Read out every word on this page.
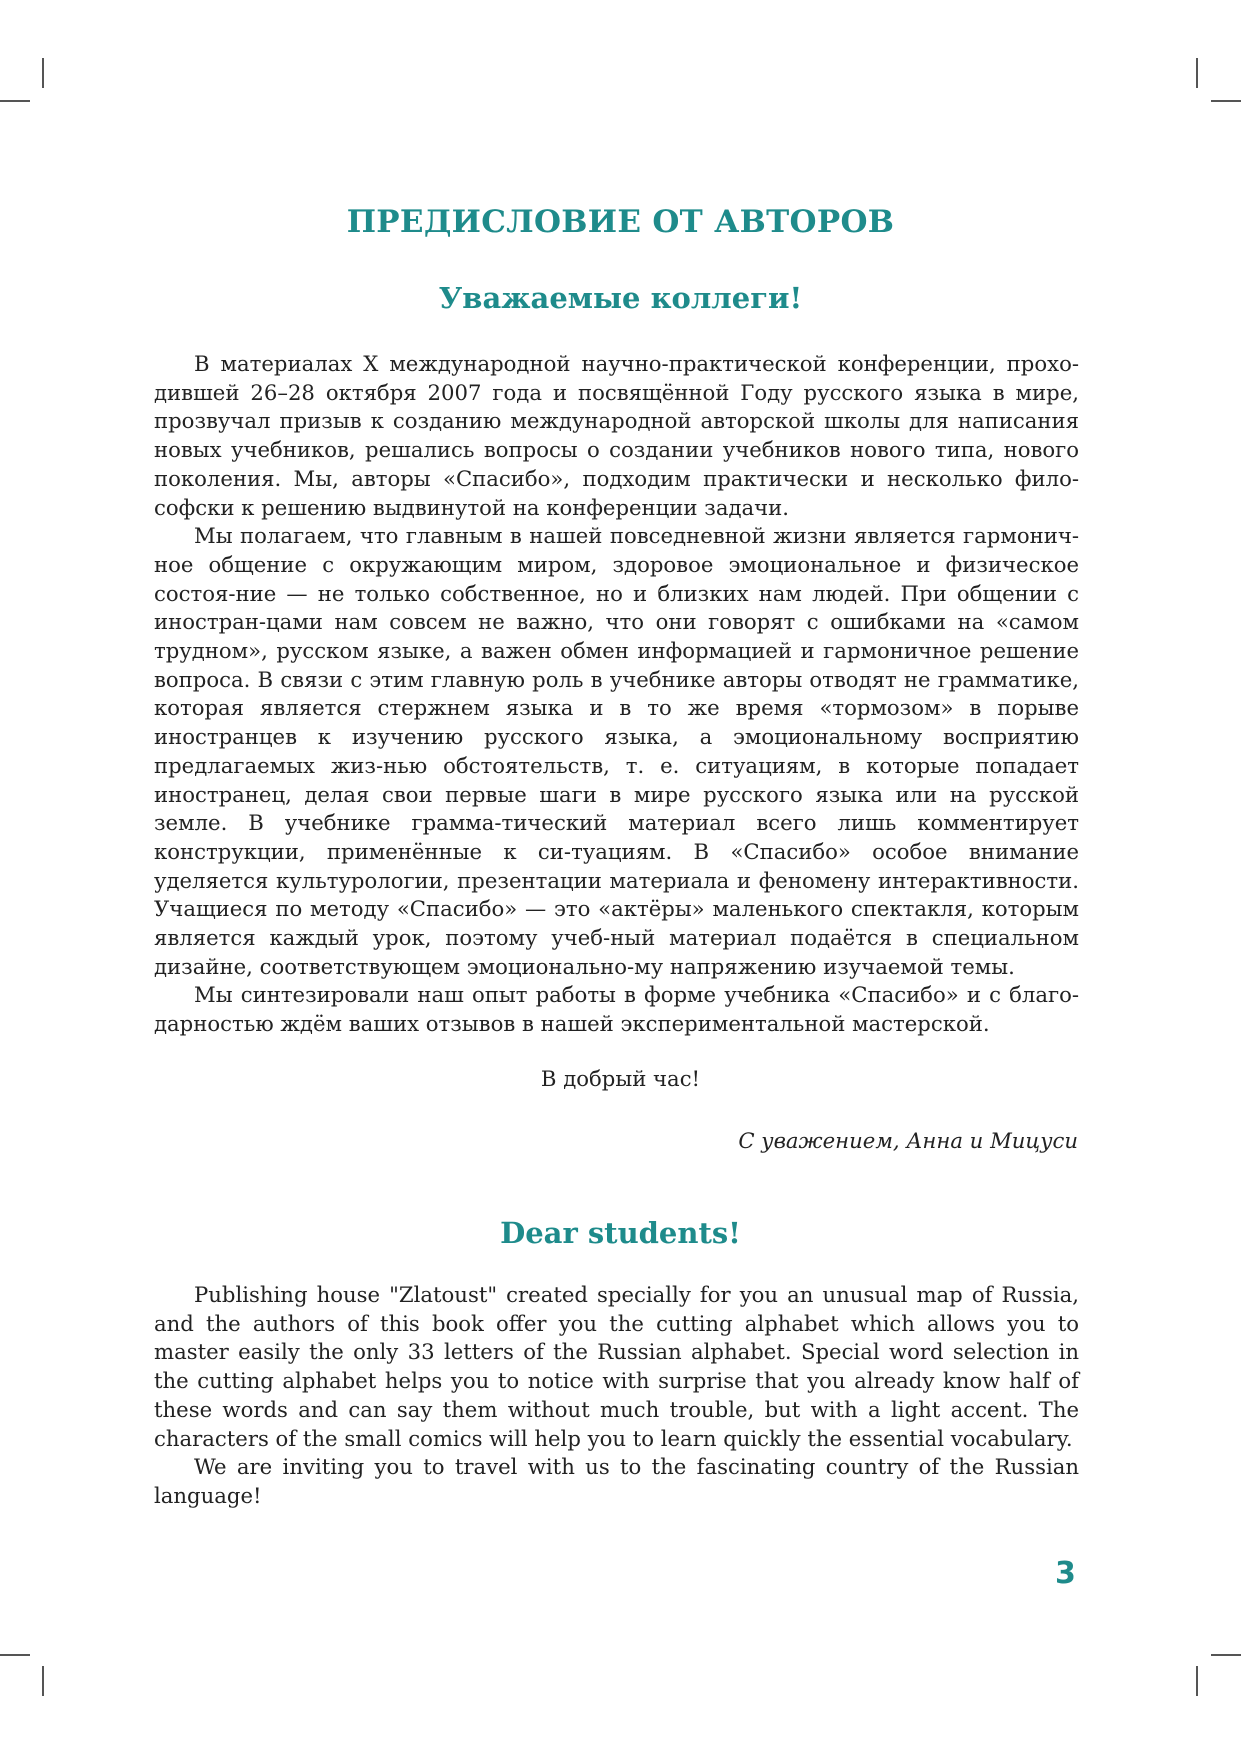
ПРЕДИСЛОВИЕ ОТ АВТОРОВ
Уважаемые коллеги!

В материалах X международной научно-практической конференции, прохо-дившей 26–28 октября 2007 года и посвящённой Году русского языка в мире, прозвучал призыв к созданию международной авторской школы для написания новых учебников, решались вопросы о создании учебников нового типа, нового поколения. Мы, авторы «Спасибо», подходим практически и несколько фило-софски к решению выдвинутой на конференции задачи.

Мы полагаем, что главным в нашей повседневной жизни является гармонич-ное общение с окружающим миром, здоровое эмоциональное и физическое состоя-ние — не только собственное, но и близких нам людей. При общении с иностран-цами нам совсем не важно, что они говорят с ошибками на «самом трудном», русском языке, а важен обмен информацией и гармоничное решение вопроса. В связи с этим главную роль в учебнике авторы отводят не грамматике, которая является стержнем языка и в то же время «тормозом» в порыве иностранцев к изучению русского языка, а эмоциональному восприятию предлагаемых жиз-нью обстоятельств, т. е. ситуациям, в которые попадает иностранец, делая свои первые шаги в мире русского языка или на русской земле. В учебнике грамма-тический материал всего лишь комментирует конструкции, применённые к си-туациям. В «Спасибо» особое внимание уделяется культурологии, презентации материала и феномену интерактивности. Учащиеся по методу «Спасибо» — это «актёры» маленького спектакля, которым является каждый урок, поэтому учеб-ный материал подаётся в специальном дизайне, соответствующем эмоционально-му напряжению изучаемой темы.

Мы синтезировали наш опыт работы в форме учебника «Спасибо» и с благо-дарностью ждём ваших отзывов в нашей экспериментальной мастерской.

В добрый час!
С уважением, Анна и Мицуси
Dear students!

Publishing house "Zlatoust" created specially for you an unusual map of Russia, and the authors of this book offer you the cutting alphabet which allows you to master easily the only 33 letters of the Russian alphabet. Special word selection in the cutting alphabet helps you to notice with surprise that you already know half of these words and can say them without much trouble, but with a light accent. The characters of the small comics will help you to learn quickly the essential vocabulary.

We are inviting you to travel with us to the fascinating country of the Russian language!

3
